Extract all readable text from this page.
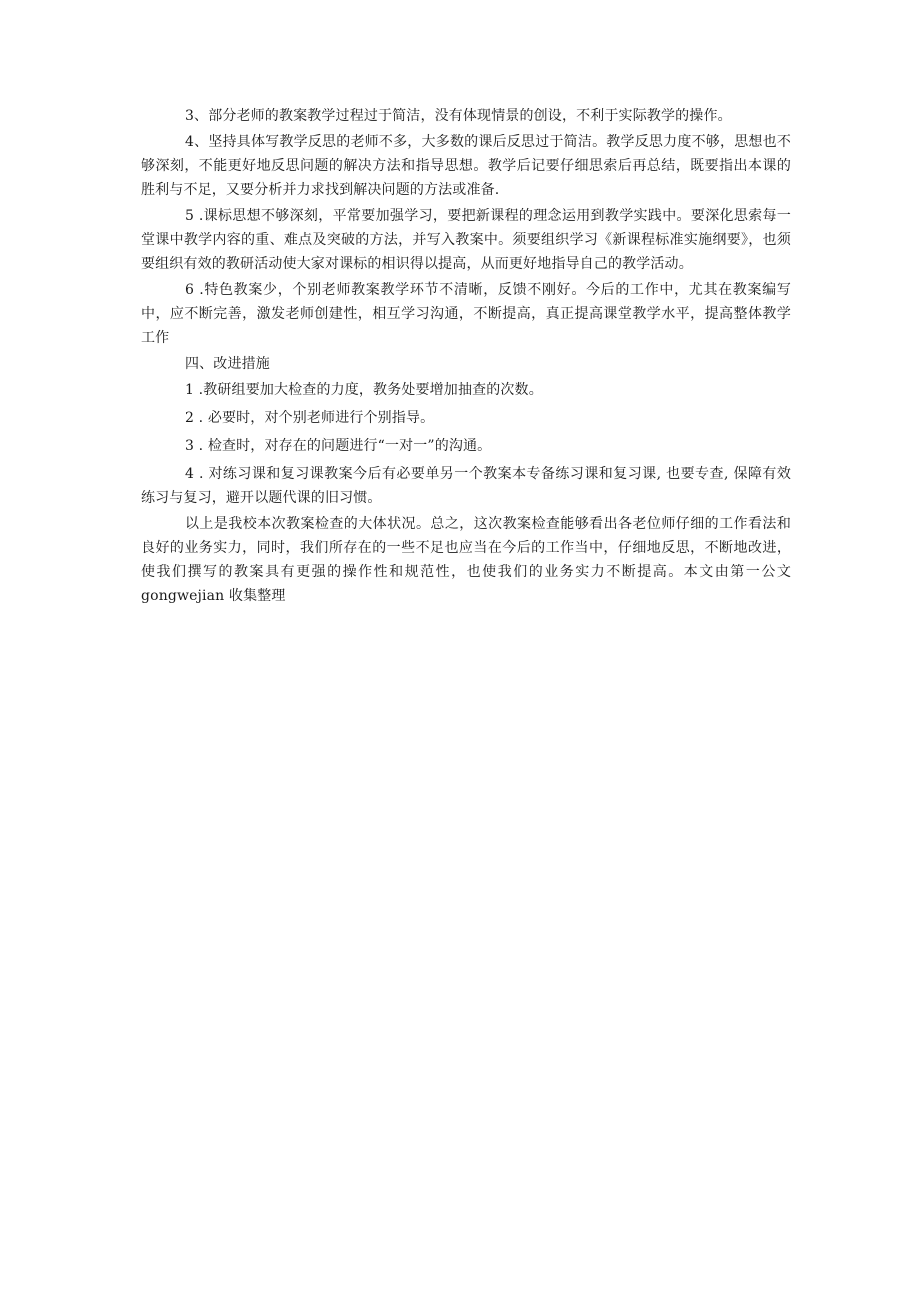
3、部分老师的教案教学过程过于简洁，没有体现情景的创设，不利于实际教学的操作。

4、坚持具体写教学反思的老师不多，大多数的课后反思过于简洁。教学反思力度不够，思想也不够深刻，不能更好地反思问题的解决方法和指导思想。教学后记要仔细思索后再总结，既要指出本课的胜利与不足，又要分析并力求找到解决问题的方法或准备.

5 .课标思想不够深刻，平常要加强学习，要把新课程的理念运用到教学实践中。要深化思索每一堂课中教学内容的重、难点及突破的方法，并写入教案中。须要组织学习《新课程标准实施纲要》，也须要组织有效的教研活动使大家对课标的相识得以提高，从而更好地指导自己的教学活动。

6 .特色教案少，个别老师教案教学环节不清晰，反馈不刚好。今后的工作中，尤其在教案编写中，应不断完善，激发老师创建性，相互学习沟通，不断提高，真正提高课堂教学水平，提高整体教学工作

四、改进措施

1 .教研组要加大检查的力度，教务处要增加抽查的次数。

2 . 必要时，对个别老师进行个别指导。

3 . 检查时，对存在的问题进行“一对一”的沟通。

4 . 对练习课和复习课教案今后有必要单另一个教案本专备练习课和复习课, 也要专查, 保障有效练习与复习，避开以题代课的旧习惯。

以上是我校本次教案检查的大体状况。总之，这次教案检查能够看出各老位师仔细的工作看法和良好的业务实力，同时，我们所存在的一些不足也应当在今后的工作当中，仔细地反思，不断地改进，使我们撰写的教案具有更强的操作性和规范性，也使我们的业务实力不断提高。本文由第一公文 gongwejian 收集整理
